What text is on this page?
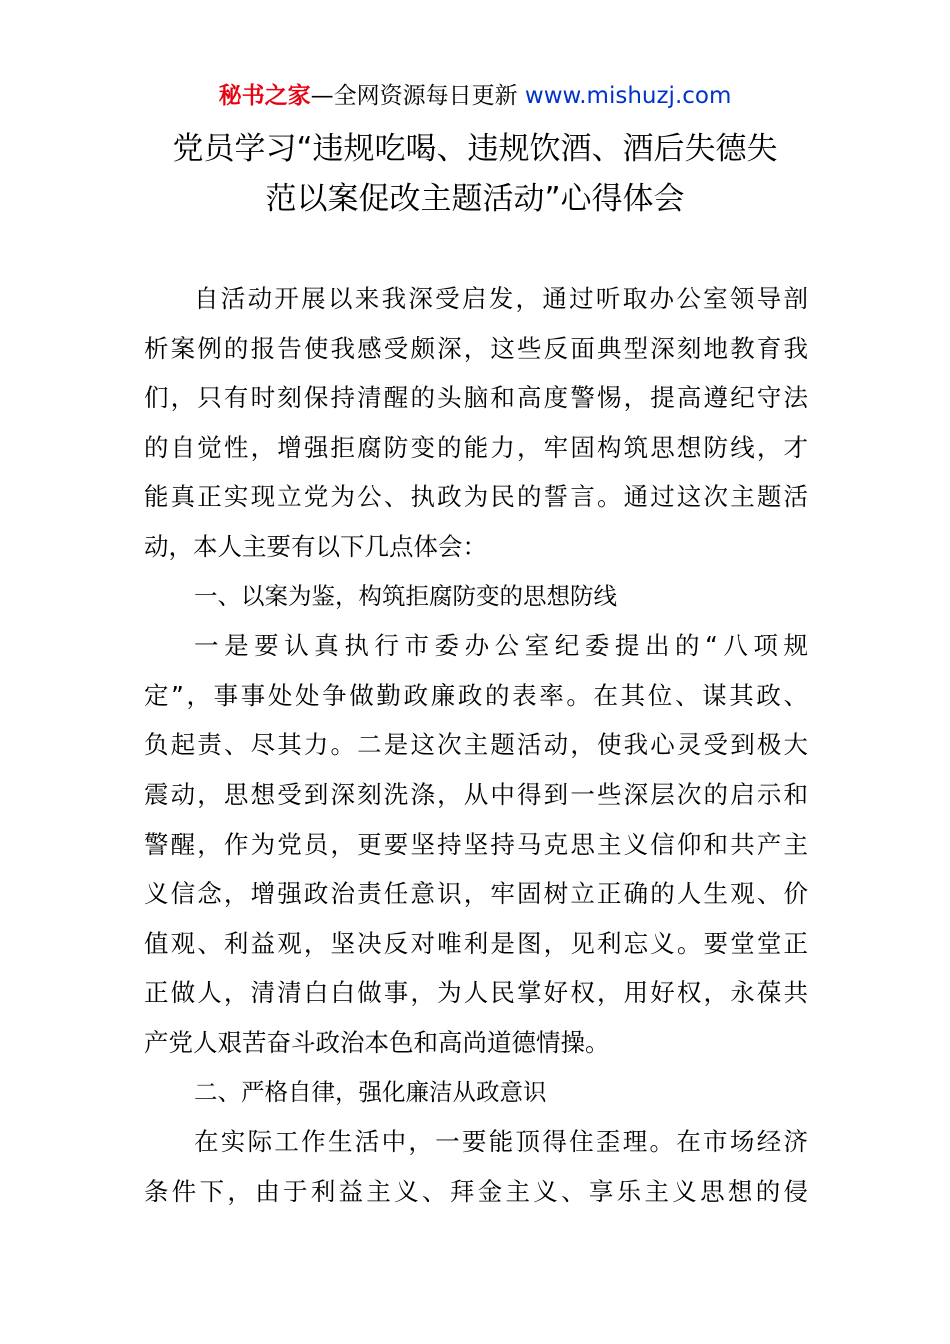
秘书之家—全网资源每日更新 www.mishuzj.com
党员学习“违规吃喝、违规饮酒、酒后失德失
范以案促改主题活动”心得体会
自活动开展以来我深受启发，通过听取办公室领导剖
析案例的报告使我感受颇深，这些反面典型深刻地教育我
们，只有时刻保持清醒的头脑和高度警惕，提高遵纪守法
的自觉性，增强拒腐防变的能力，牢固构筑思想防线，才
能真正实现立党为公、执政为民的誓言。通过这次主题活
动，本人主要有以下几点体会：
一、以案为鉴，构筑拒腐防变的思想防线
一是要认真执行市委办公室纪委提出的“八项规
定”，事事处处争做勤政廉政的表率。在其位、谋其政、
负起责、尽其力。二是这次主题活动，使我心灵受到极大
震动，思想受到深刻洗涤，从中得到一些深层次的启示和
警醒，作为党员，更要坚持坚持马克思主义信仰和共产主
义信念，增强政治责任意识，牢固树立正确的人生观、价
值观、利益观，坚决反对唯利是图，见利忘义。要堂堂正
正做人，清清白白做事，为人民掌好权，用好权，永葆共
产党人艰苦奋斗政治本色和高尚道德情操。
二、严格自律，强化廉洁从政意识
在实际工作生活中，一要能顶得住歪理。在市场经济
条件下，由于利益主义、拜金主义、享乐主义思想的侵
